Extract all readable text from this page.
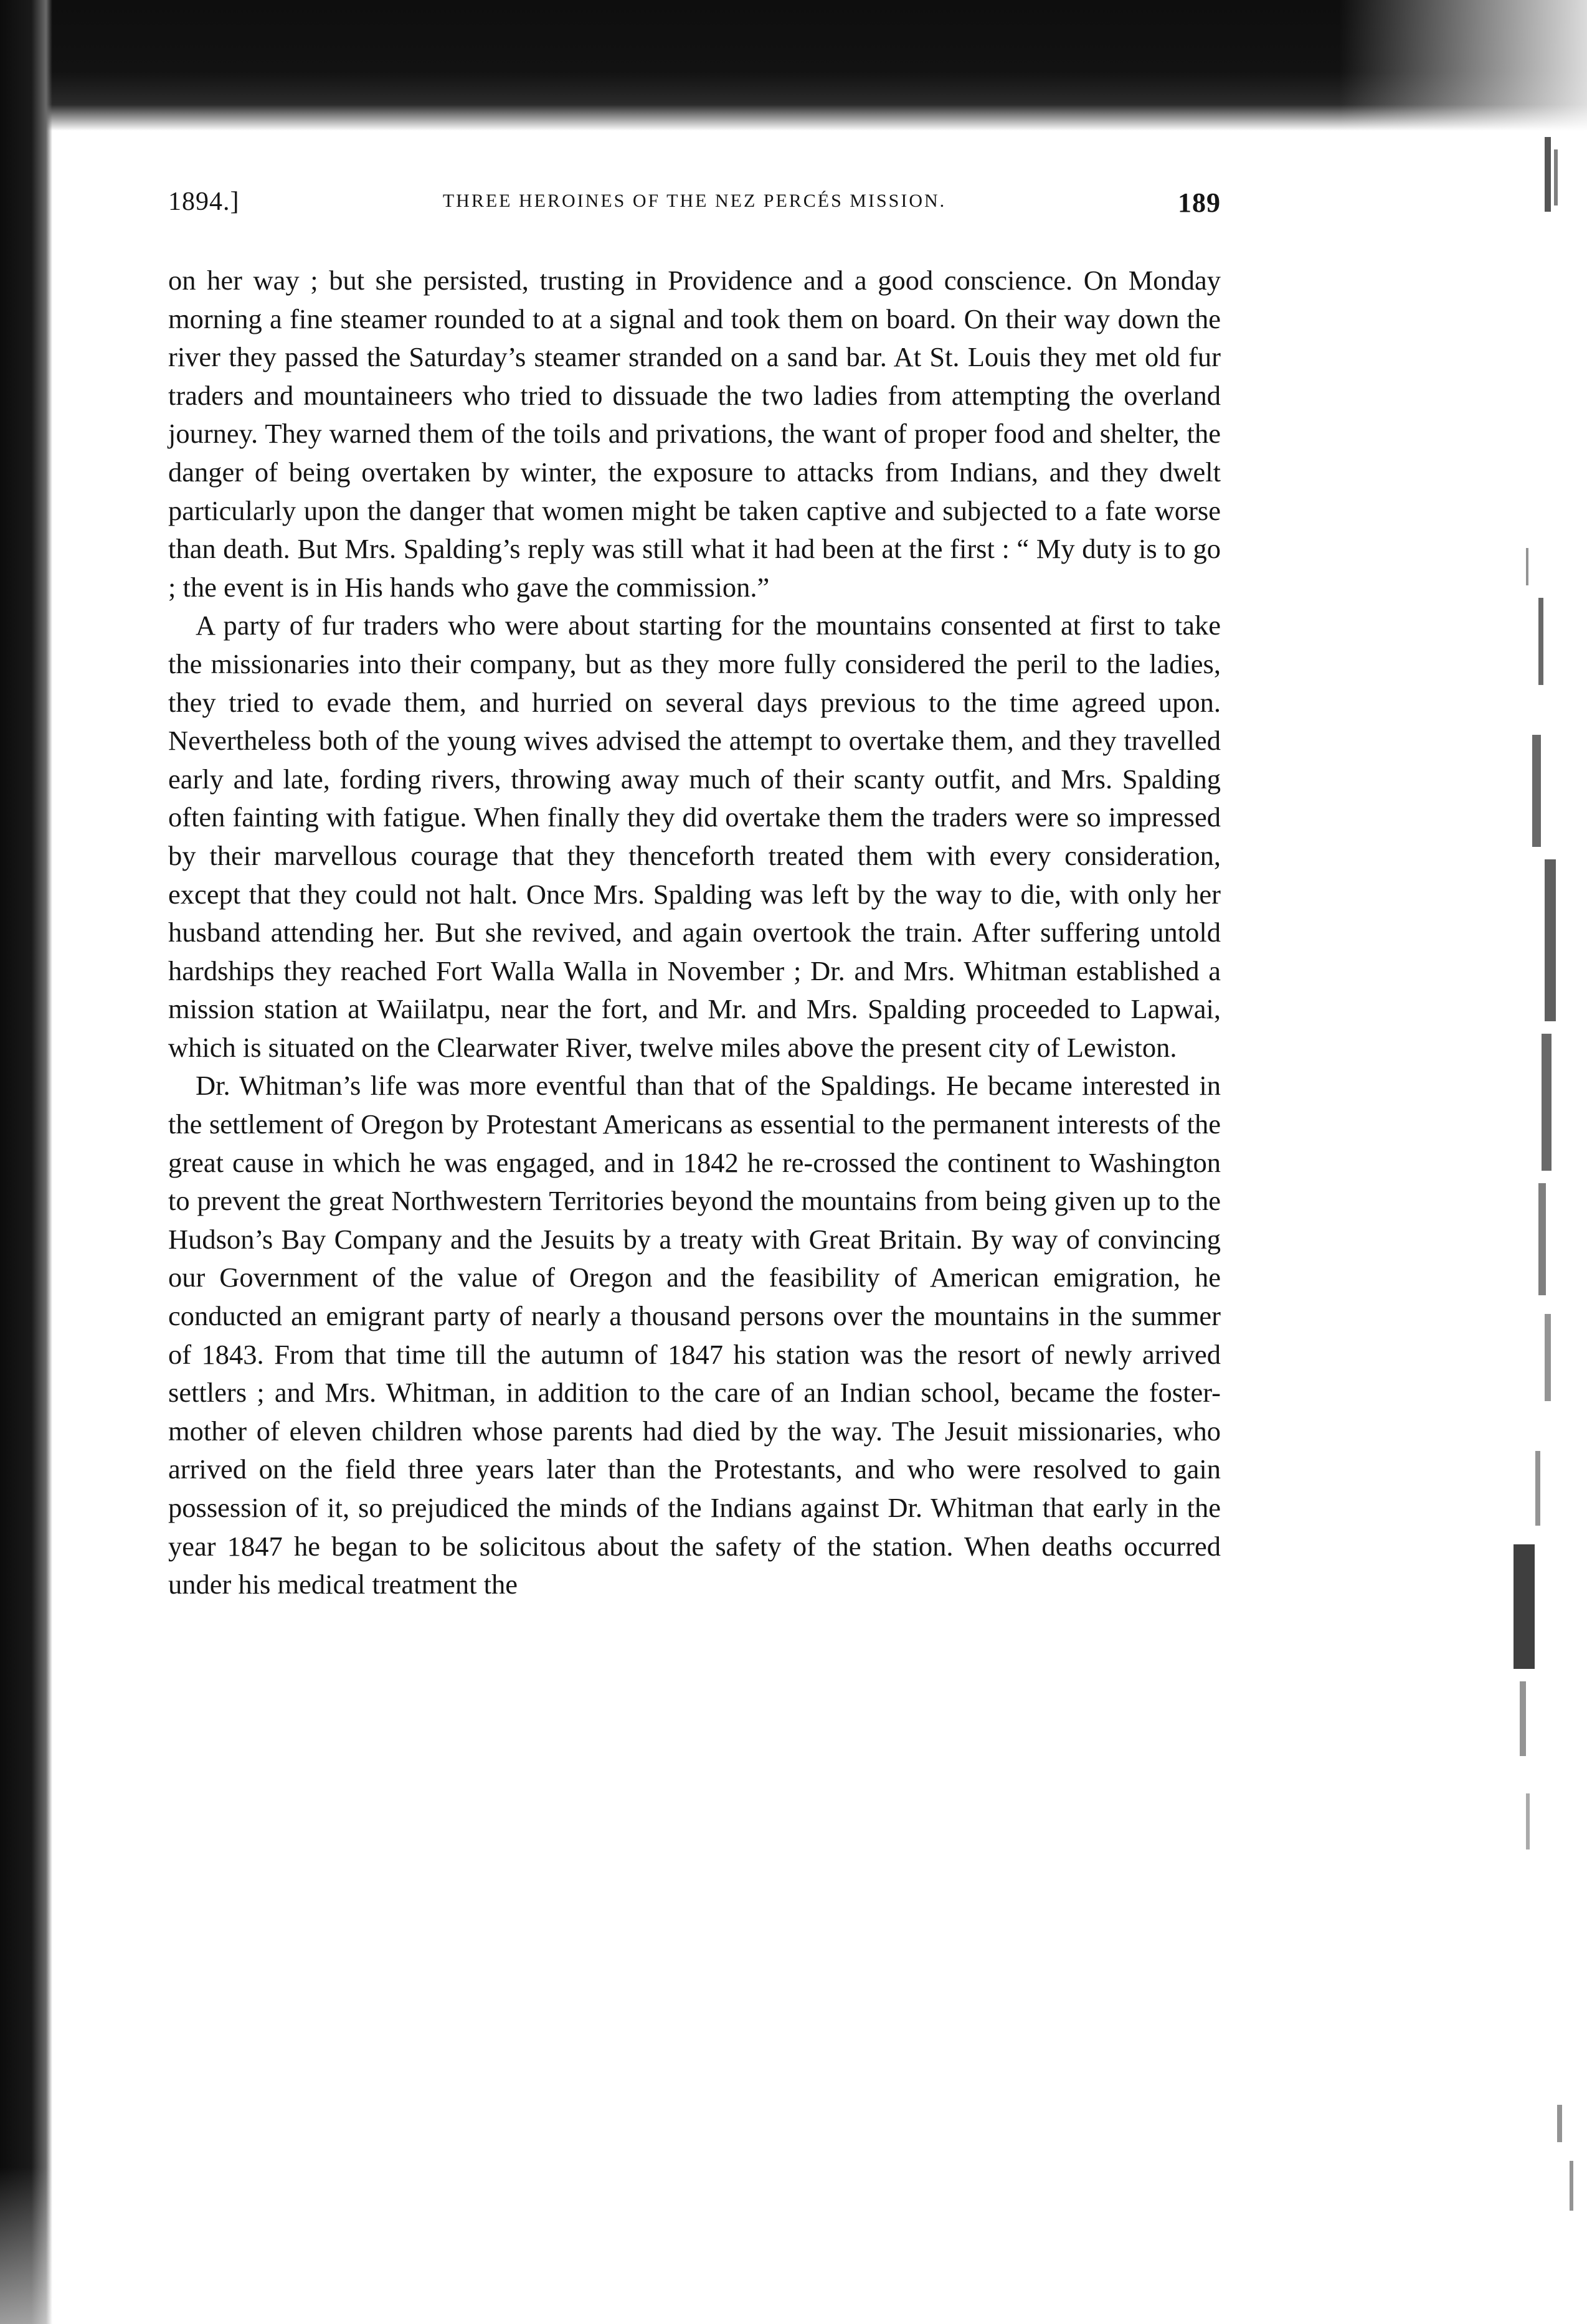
1894.]	THREE HEROINES OF THE NEZ PERCÉS MISSION.	189

on her way ; but she persisted, trusting in Providence and a good conscience. On Monday morning a fine steamer rounded to at a signal and took them on board. On their way down the river they passed the Saturday’s steamer stranded on a sand bar. At St. Louis they met old fur traders and mountaineers who tried to dissuade the two ladies from attempting the overland journey. They warned them of the toils and privations, the want of proper food and shelter, the danger of being overtaken by winter, the exposure to attacks from Indians, and they dwelt particularly upon the danger that women might be taken captive and subjected to a fate worse than death. But Mrs. Spalding’s reply was still what it had been at the first : “ My duty is to go ; the event is in His hands who gave the commission.”

A party of fur traders who were about starting for the mountains consented at first to take the missionaries into their company, but as they more fully considered the peril to the ladies, they tried to evade them, and hurried on several days previous to the time agreed upon. Nevertheless both of the young wives advised the attempt to overtake them, and they travelled early and late, fording rivers, throwing away much of their scanty outfit, and Mrs. Spalding often fainting with fatigue. When finally they did overtake them the traders were so impressed by their marvellous courage that they thenceforth treated them with every consideration, except that they could not halt. Once Mrs. Spalding was left by the way to die, with only her husband attending her. But she revived, and again overtook the train. After suffering untold hardships they reached Fort Walla Walla in November ; Dr. and Mrs. Whitman established a mission station at Waiilatpu, near the fort, and Mr. and Mrs. Spalding proceeded to Lapwai, which is situated on the Clearwater River, twelve miles above the present city of Lewiston.

Dr. Whitman’s life was more eventful than that of the Spaldings. He became interested in the settlement of Oregon by Protestant Americans as essential to the permanent interests of the great cause in which he was engaged, and in 1842 he re-crossed the continent to Washington to prevent the great Northwestern Territories beyond the mountains from being given up to the Hudson’s Bay Company and the Jesuits by a treaty with Great Britain. By way of convincing our Government of the value of Oregon and the feasibility of American emigration, he conducted an emigrant party of nearly a thousand persons over the mountains in the summer of 1843. From that time till the autumn of 1847 his station was the resort of newly arrived settlers ; and Mrs. Whitman, in addition to the care of an Indian school, became the foster-mother of eleven children whose parents had died by the way. The Jesuit missionaries, who arrived on the field three years later than the Protestants, and who were resolved to gain possession of it, so prejudiced the minds of the Indians against Dr. Whitman that early in the year 1847 he began to be solicitous about the safety of the station. When deaths occurred under his medical treatment the
